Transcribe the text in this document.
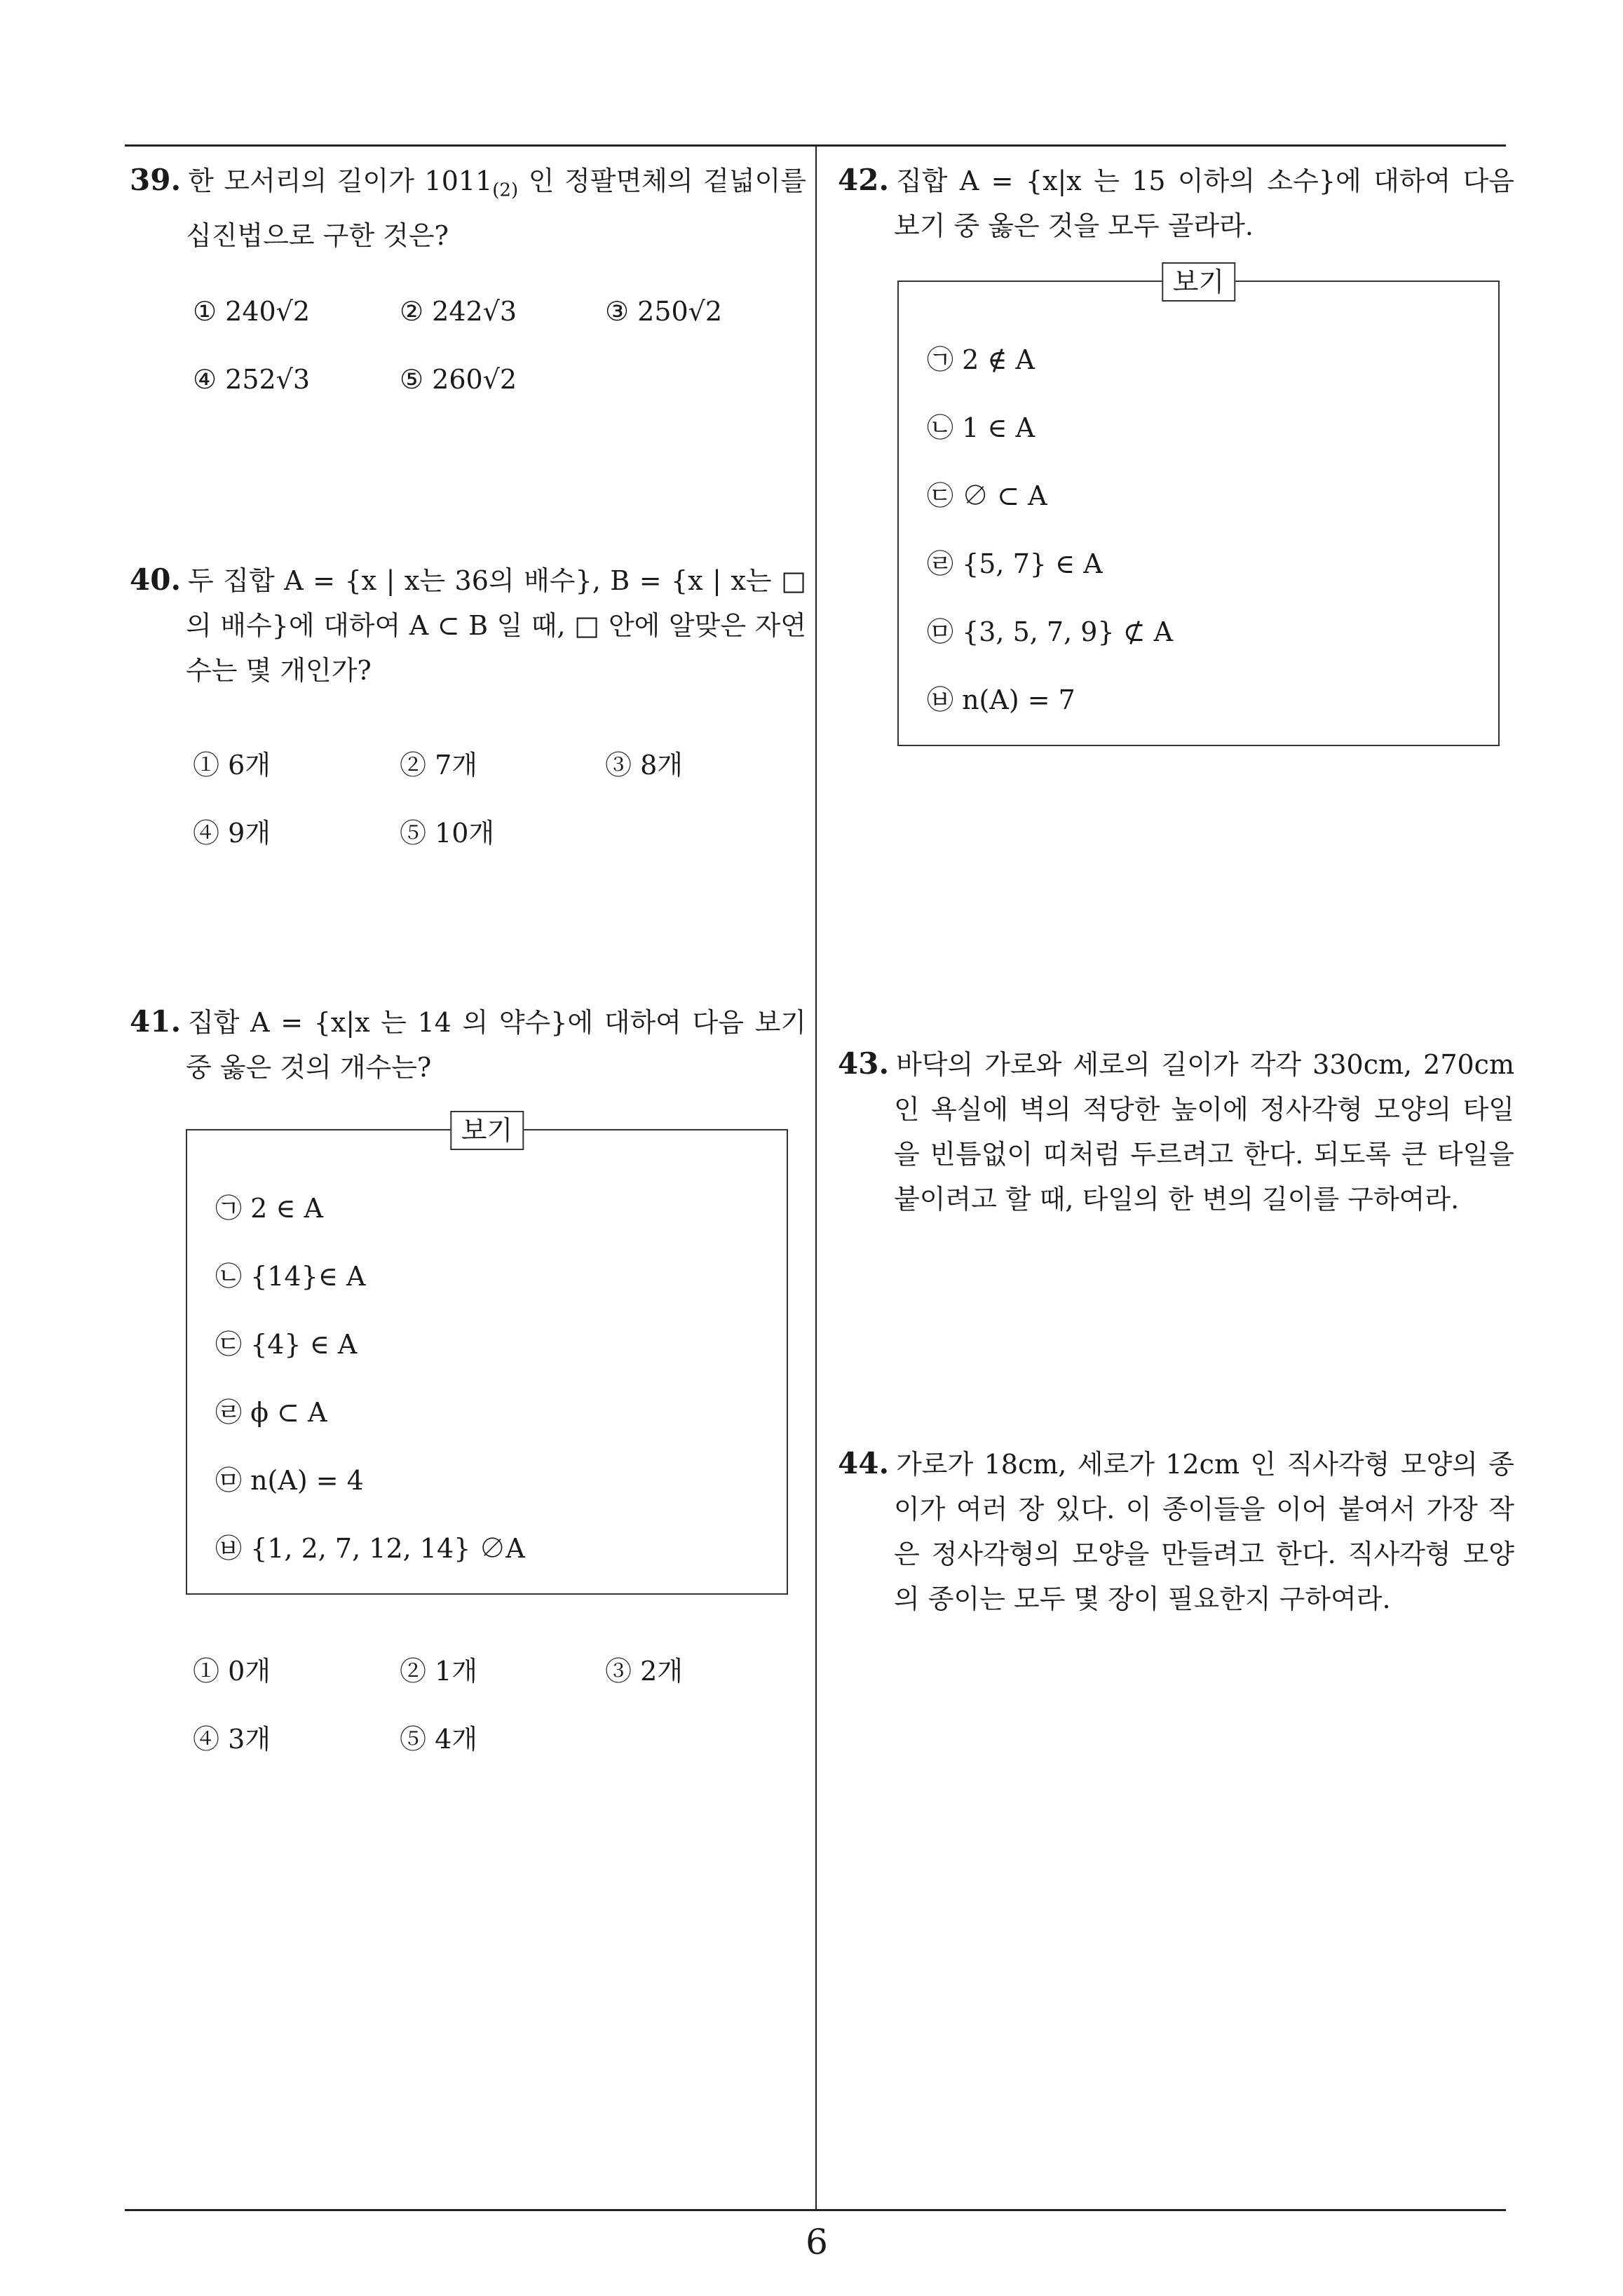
39. 한 모서리의 길이가 $1011_{(2)}$ 인 정팔면체의 겉넓이를 십진법으로 구한 것은?
① 240√2	② 242√3	③ 250√2
④ 252√3	⑤ 260√2
40. 두 집합 A = {x | x는 36의 배수}, B = {x | x는 □의 배수}에 대하여 A ⊂ B 일 때, □ 안에 알맞은 자연수는 몇 개인가?
① 6개	② 7개	③ 8개
④ 9개	⑤ 10개
41. 집합 A = {x|x 는 14 의 약수}에 대하여 다음 보기 중 옳은 것의 개수는?
보기
㉠ 2 ∈ A
㉡ {14}∈ A
㉢ {4} ∈ A
㉣ ϕ ⊂ A
㉤ n(A) = 4
㉥ {1, 2, 7, 12, 14} ∅A
① 0개	② 1개	③ 2개
④ 3개	⑤ 4개
42. 집합 A = {x|x 는 15 이하의 소수}에 대하여 다음 보기 중 옳은 것을 모두 골라라.
보기
㉠ 2 ∉ A
㉡ 1 ∈ A
㉢ ∅ ⊂ A
㉣ {5, 7} ∈ A
㉤ {3, 5, 7, 9} ⊄ A
㉥ n(A) = 7
43. 바닥의 가로와 세로의 길이가 각각 330cm, 270cm 인 욕실에 벽의 적당한 높이에 정사각형 모양의 타일을 빈틈없이 띠처럼 두르려고 한다. 되도록 큰 타일을 붙이려고 할 때, 타일의 한 변의 길이를 구하여라.
44. 가로가 18cm, 세로가 12cm 인 직사각형 모양의 종이가 여러 장 있다. 이 종이들을 이어 붙여서 가장 작은 정사각형의 모양을 만들려고 한다. 직사각형 모양의 종이는 모두 몇 장이 필요한지 구하여라.
6
